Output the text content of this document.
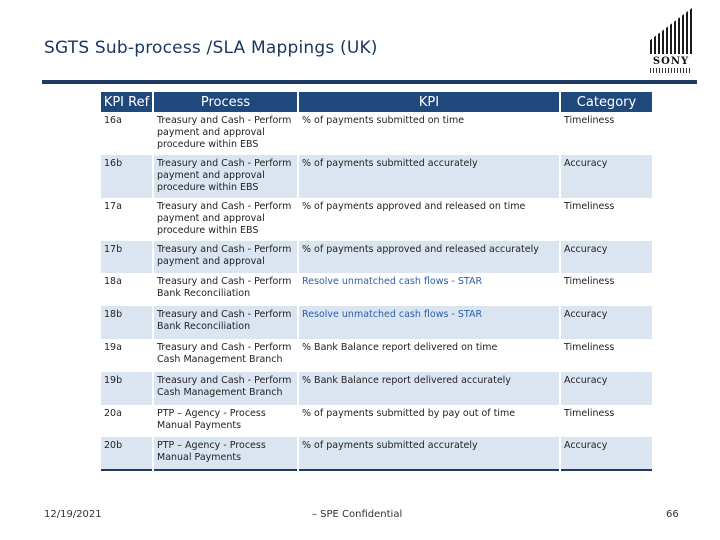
SGTS Sub-process /SLA Mappings (UK)
SONY
KPI Ref	Process	KPI	Category
16a	Treasury and Cash - Perform payment and approval procedure within EBS	% of payments submitted on time	Timeliness
16b	Treasury and Cash - Perform payment and approval procedure within EBS	% of payments submitted accurately	Accuracy
17a	Treasury and Cash - Perform payment and approval procedure within EBS	% of payments approved and released on time	Timeliness
17b	Treasury and Cash - Perform payment and approval	% of payments approved and released accurately	Accuracy
18a	Treasury and Cash - Perform Bank Reconciliation	Resolve unmatched cash flows - STAR	Timeliness
18b	Treasury and Cash - Perform Bank Reconciliation	Resolve unmatched cash flows - STAR	Accuracy
19a	Treasury and Cash - Perform Cash Management Branch	% Bank Balance report delivered on time	Timeliness
19b	Treasury and Cash - Perform Cash Management Branch	% Bank Balance report delivered accurately	Accuracy
20a	PTP – Agency - Process Manual Payments	% of payments submitted by pay out of time	Timeliness
20b	PTP – Agency - Process Manual Payments	% of payments submitted accurately	Accuracy
12/19/2021	– SPE Confidential	66
